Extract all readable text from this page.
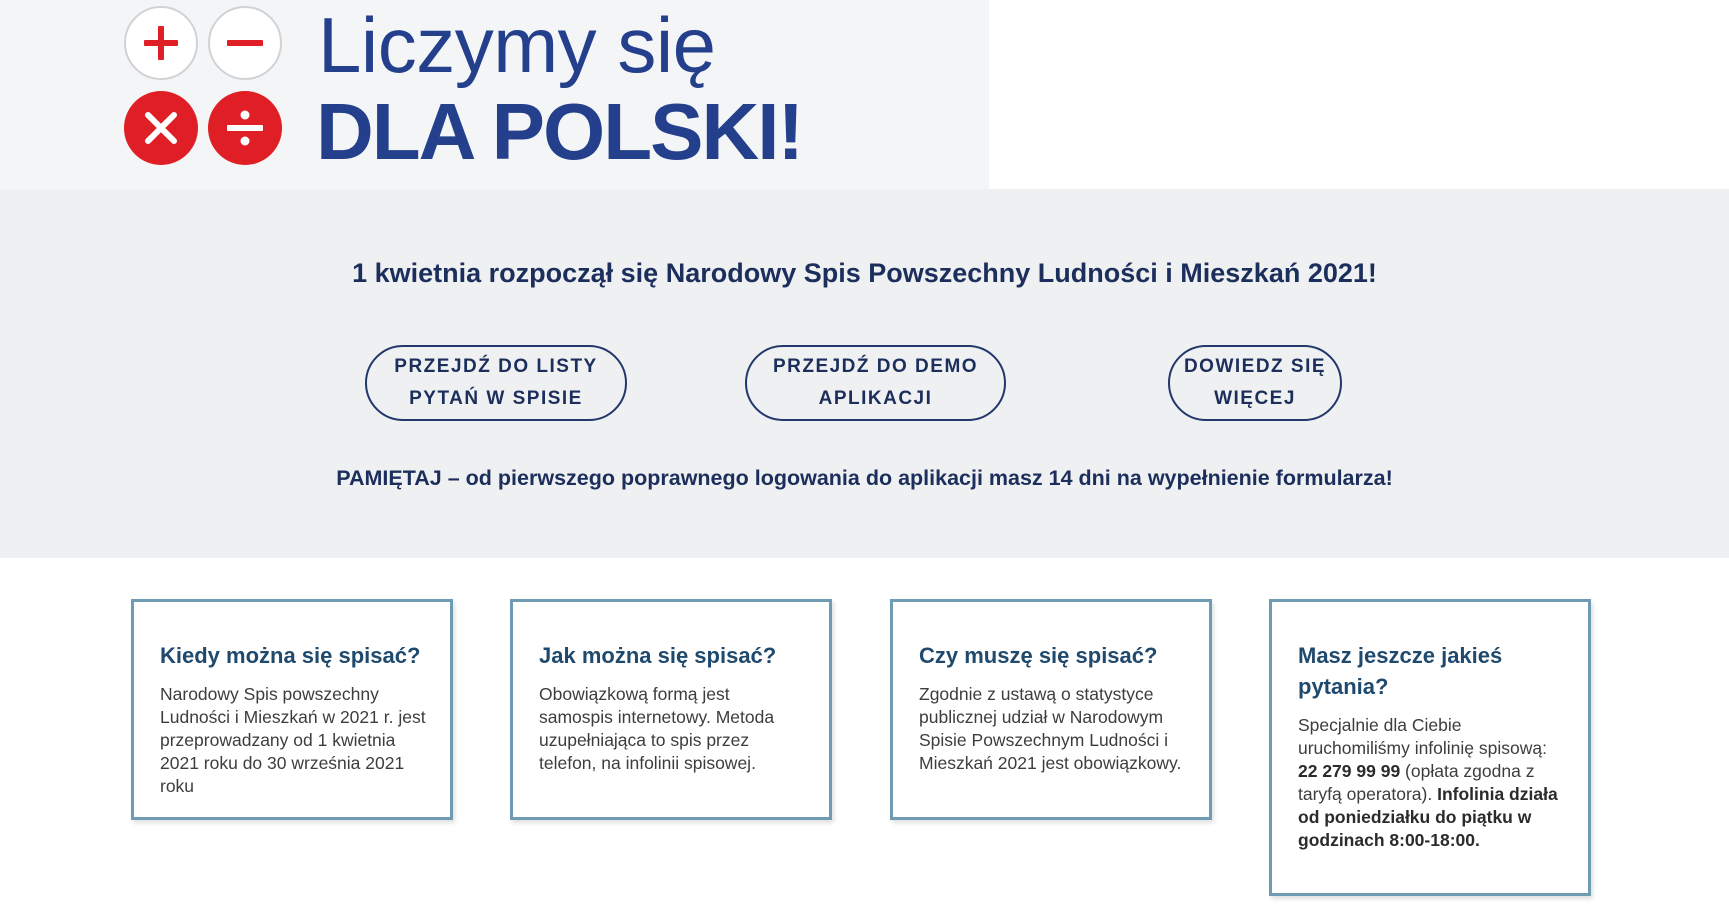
Liczymy się
DLA POLSKI!
1 kwietnia rozpoczął się Narodowy Spis Powszechny Ludności i Mieszkań 2021!
PRZEJDŹ DO LISTY
PYTAŃ W SPISIE
PRZEJDŹ DO DEMO
APLIKACJI
DOWIEDZ SIĘ
WIĘCEJ
PAMIĘTAJ – od pierwszego poprawnego logowania do aplikacji masz 14 dni na wypełnienie formularza!
Kiedy można się spisać?

Narodowy Spis powszechny Ludności i Mieszkań w 2021 r. jest przeprowadzany od 1 kwietnia 2021 roku do 30 września 2021 roku

Jak można się spisać?

Obowiązkową formą jest samospis internetowy. Metoda uzupełniająca to spis przez telefon, na infolinii spisowej.

Czy muszę się spisać?

Zgodnie z ustawą o statystyce publicznej udział w Narodowym Spisie Powszechnym Ludności i Mieszkań 2021 jest obowiązkowy.

Masz jeszcze jakieś pytania?

Specjalnie dla Ciebie uruchomiliśmy infolinię spisową: 22 279 99 99 (opłata zgodna z taryfą operatora). Infolinia działa od poniedziałku do piątku w godzinach 8:00-18:00.
